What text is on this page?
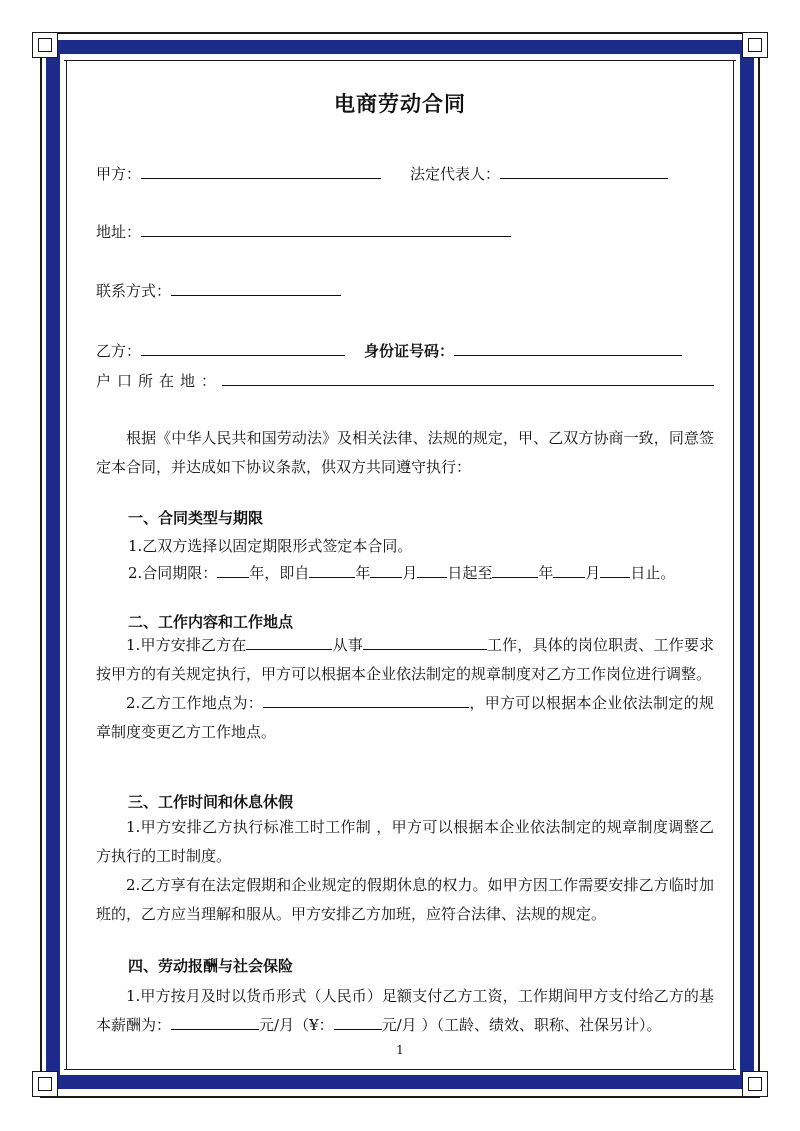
电商劳动合同
甲方：	法定代表人：
地址：
联系方式：
乙方：	身份证号码：
户口所在地：
根据《中华人民共和国劳动法》及相关法律、法规的规定，甲、乙双方协商一致，同意签定本合同，并达成如下协议条款，供双方共同遵守执行：
一、合同类型与期限
1.乙双方选择以固定期限形式签定本合同。
2.合同期限： 年，即自	年 月 日起至	年 月 日止。
二、工作内容和工作地点
1.甲方安排乙方在	从事	工作，具体的岗位职责、工作要求按甲方的有关规定执行，甲方可以根据本企业依法制定的规章制度对乙方工作岗位进行调整。
2.乙方工作地点为：	，甲方可以根据本企业依法制定的规章制度变更乙方工作地点。
三、工作时间和休息休假
1.甲方安排乙方执行标准工时工作制 ，甲方可以根据本企业依法制定的规章制度调整乙方执行的工时制度。
2.乙方享有在法定假期和企业规定的假期休息的权力。如甲方因工作需要安排乙方临时加班的，乙方应当理解和服从。甲方安排乙方加班，应符合法律、法规的规定。
四、劳动报酬与社会保险
1.甲方按月及时以货币形式（人民币）足额支付乙方工资，工作期间甲方支付给乙方的基本薪酬为：	元/月（¥：	元/月 ）（工龄、绩效、职称、社保另计）。
1
